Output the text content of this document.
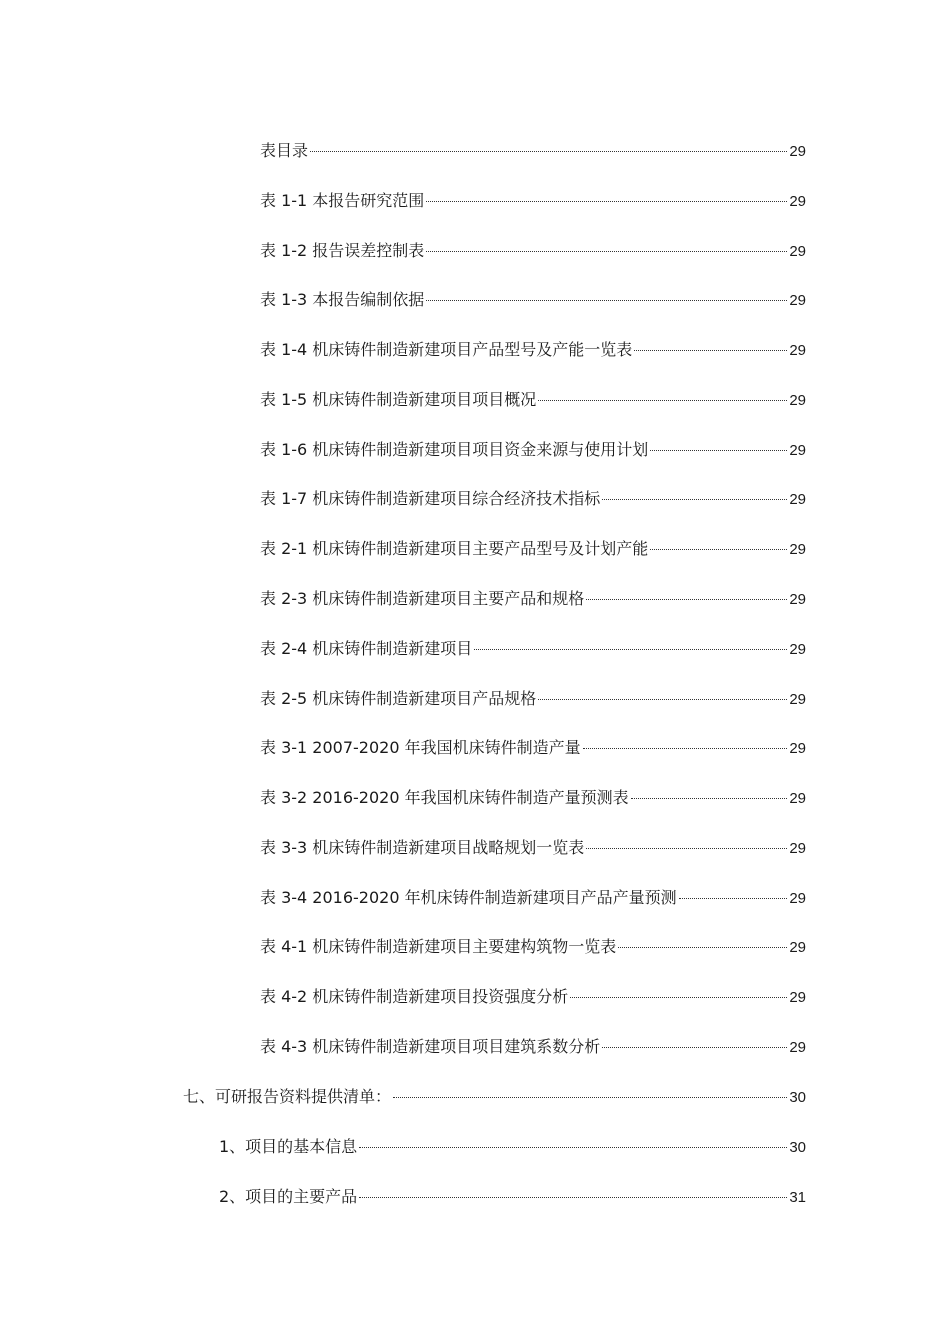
表目录	29
表 1-1 本报告研究范围	29
表 1-2 报告误差控制表	29
表 1-3 本报告编制依据	29
表 1-4 机床铸件制造新建项目产品型号及产能一览表	29
表 1-5 机床铸件制造新建项目项目概况	29
表 1-6 机床铸件制造新建项目项目资金来源与使用计划	29
表 1-7 机床铸件制造新建项目综合经济技术指标	29
表 2-1 机床铸件制造新建项目主要产品型号及计划产能	29
表 2-3 机床铸件制造新建项目主要产品和规格	29
表 2-4 机床铸件制造新建项目	29
表 2-5 机床铸件制造新建项目产品规格	29
表 3-1 2007-2020 年我国机床铸件制造产量	29
表 3-2 2016-2020 年我国机床铸件制造产量预测表	29
表 3-3 机床铸件制造新建项目战略规划一览表	29
表 3-4 2016-2020 年机床铸件制造新建项目产品产量预测	29
表 4-1 机床铸件制造新建项目主要建构筑物一览表	29
表 4-2 机床铸件制造新建项目投资强度分析	29
表 4-3 机床铸件制造新建项目项目建筑系数分析	29
七、可研报告资料提供清单：	30
1、项目的基本信息	30
2、项目的主要产品	31
